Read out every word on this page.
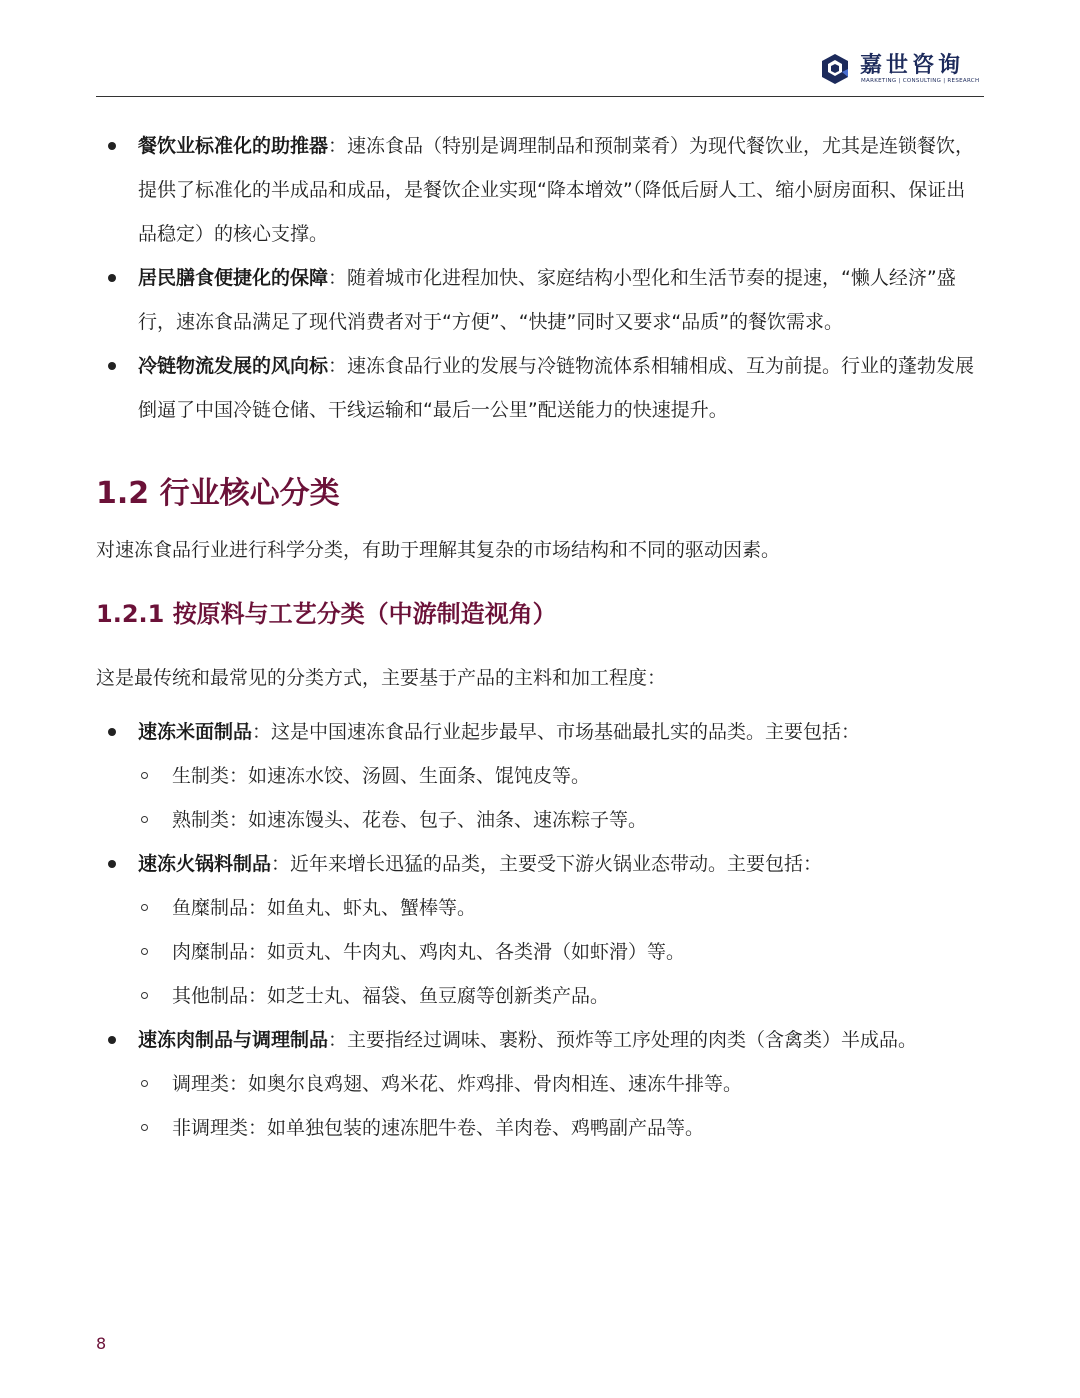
嘉世咨询
MARKETING | CONSULTING | RESEARCH
餐饮业标准化的助推器：速冻食品（特别是调理制品和预制菜肴）为现代餐饮业，尤其是连锁餐饮，提供了标准化的半成品和成品，是餐饮企业实现“降本增效”（降低后厨人工、缩小厨房面积、保证出品稳定）的核心支撑。
居民膳食便捷化的保障：随着城市化进程加快、家庭结构小型化和生活节奏的提速，“懒人经济”盛行，速冻食品满足了现代消费者对于“方便”、“快捷”同时又要求“品质”的餐饮需求。
冷链物流发展的风向标：速冻食品行业的发展与冷链物流体系相辅相成、互为前提。行业的蓬勃发展倒逼了中国冷链仓储、干线运输和“最后一公里”配送能力的快速提升。
1.2 行业核心分类
对速冻食品行业进行科学分类，有助于理解其复杂的市场结构和不同的驱动因素。
1.2.1 按原料与工艺分类（中游制造视角）
这是最传统和最常见的分类方式，主要基于产品的主料和加工程度：
速冻米面制品：这是中国速冻食品行业起步最早、市场基础最扎实的品类。主要包括：
生制类：如速冻水饺、汤圆、生面条、馄饨皮等。
熟制类：如速冻馒头、花卷、包子、油条、速冻粽子等。
速冻火锅料制品：近年来增长迅猛的品类，主要受下游火锅业态带动。主要包括：
鱼糜制品：如鱼丸、虾丸、蟹棒等。
肉糜制品：如贡丸、牛肉丸、鸡肉丸、各类滑（如虾滑）等。
其他制品：如芝士丸、福袋、鱼豆腐等创新类产品。
速冻肉制品与调理制品：主要指经过调味、裹粉、预炸等工序处理的肉类（含禽类）半成品。
调理类：如奥尔良鸡翅、鸡米花、炸鸡排、骨肉相连、速冻牛排等。
非调理类：如单独包装的速冻肥牛卷、羊肉卷、鸡鸭副产品等。
8
